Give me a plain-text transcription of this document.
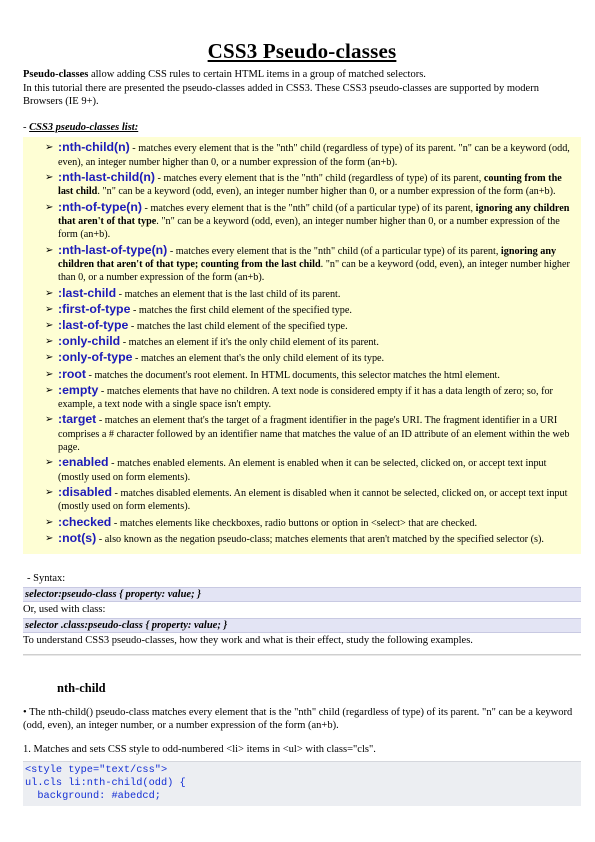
CSS3 Pseudo-classes

Pseudo-classes allow adding CSS rules to certain HTML items in a group of matched selectors.

In this tutorial there are presented the pseudo-classes added in CSS3. These CSS3 pseudo-classes are supported by modern Browsers (IE 9+).

- CSS3 pseudo-classes list:
➢ :nth-child(n) - matches every element that is the "nth" child (regardless of type) of its parent. "n" can be a keyword (odd, even), an integer number higher than 0, or a number expression of the form (an+b).
➢ :nth-last-child(n) - matches every element that is the "nth" child (regardless of type) of its parent, counting from the last child. "n" can be a keyword (odd, even), an integer number higher than 0, or a number expression of the form (an+b).
➢ :nth-of-type(n) - matches every element that is the "nth" child (of a particular type) of its parent, ignoring any children that aren't of that type. "n" can be a keyword (odd, even), an integer number higher than 0, or a number expression of the form (an+b).
➢ :nth-last-of-type(n) - matches every element that is the "nth" child (of a particular type) of its parent, ignoring any children that aren't of that type; counting from the last child. "n" can be a keyword (odd, even), an integer number higher than 0, or a number expression of the form (an+b).
➢ :last-child - matches an element that is the last child of its parent.
➢ :first-of-type - matches the first child element of the specified type.
➢ :last-of-type - matches the last child element of the specified type.
➢ :only-child - matches an element if it's the only child element of its parent.
➢ :only-of-type - matches an element that's the only child element of its type.
➢ :root - matches the document's root element. In HTML documents, this selector matches the html element.
➢ :empty - matches elements that have no children. A text node is considered empty if it has a data length of zero; so, for example, a text node with a single space isn't empty.
➢ :target - matches an element that's the target of a fragment identifier in the page's URI. The fragment identifier in a URI comprises a # character followed by an identifier name that matches the value of an ID attribute of an element within the web page.
➢ :enabled - matches enabled elements. An element is enabled when it can be selected, clicked on, or accept text input (mostly used on form elements).
➢ :disabled - matches disabled elements. An element is disabled when it cannot be selected, clicked on, or accept text input (mostly used on form elements).
➢ :checked - matches elements like checkboxes, radio buttons or option in <select> that are checked.
➢ :not(s) - also known as the negation pseudo-class; matches elements that aren't matched by the specified selector (s).
- Syntax:
selector:pseudo-class { property: value; }
Or, used with class:
selector .class:pseudo-class { property: value; }
To understand CSS3 pseudo-classes, how they work and what is their effect, study the following examples.
nth-child

• The nth-child() pseudo-class matches every element that is the "nth" child (regardless of type) of its parent. "n" can be a keyword (odd, even), an integer number, or a number expression of the form (an+b).

1. Matches and sets CSS style to odd-numbered <li> items in <ul> with class="cls".

<style type="text/css">
ul.cls li:nth-child(odd) {
background: #abedcd;
